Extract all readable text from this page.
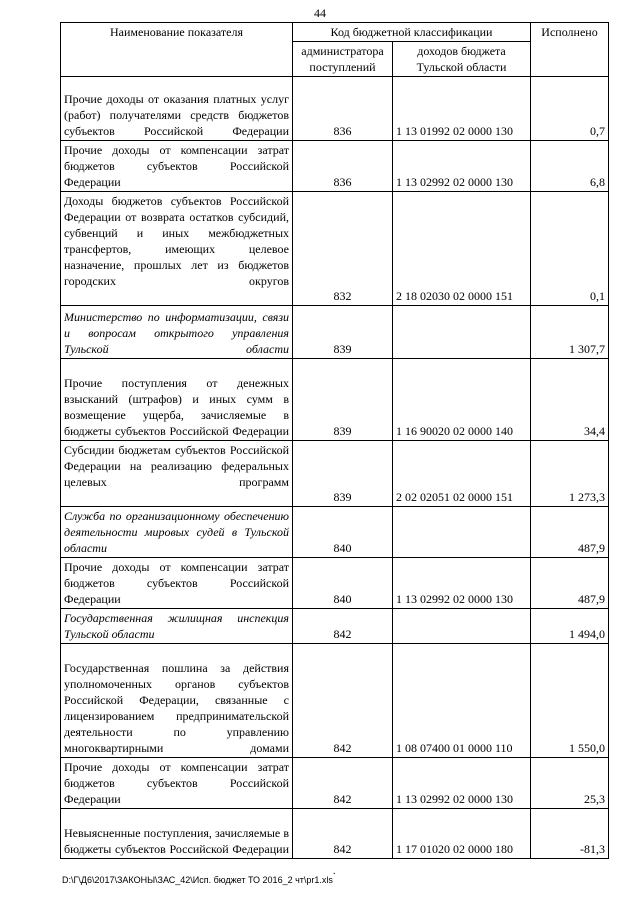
44
Наименование показателя	Код бюджетной классификации		Исполнено
	администратора поступлений	доходов бюджета Тульской области	
Прочие доходы от оказания платных услуг (работ) получателями средств бюджетов субъектов Российской Федерации	836	1 13 01992 02 0000 130	0,7
Прочие доходы от компенсации затрат бюджетов субъектов Российской Федерации	836	1 13 02992 02 0000 130	6,8
Доходы бюджетов субъектов Российской Федерации от возврата остатков субсидий, субвенций и иных межбюджетных трансфертов, имеющих целевое назначение, прошлых лет из бюджетов городских округов	832	2 18 02030 02 0000 151	0,1
Министерство по информатизации, связи и вопросам открытого управления Тульской области	839		1 307,7
Прочие поступления от денежных взысканий (штрафов) и иных сумм в возмещение ущерба, зачисляемые в бюджеты субъектов Российской Федерации	839	1 16 90020 02 0000 140	34,4
Субсидии бюджетам субъектов Российской Федерации на реализацию федеральных целевых программ	839	2 02 02051 02 0000 151	1 273,3
Служба по организационному обеспечению деятельности мировых судей в Тульской области	840		487,9
Прочие доходы от компенсации затрат бюджетов субъектов Российской Федерации	840	1 13 02992 02 0000 130	487,9
Государственная жилищная инспекция Тульской области	842		1 494,0
Государственная пошлина за действия уполномоченных органов субъектов Российской Федерации, связанные с лицензированием предпринимательской деятельности по управлению многоквартирными домами	842	1 08 07400 01 0000 110	1 550,0
Прочие доходы от компенсации затрат бюджетов субъектов Российской Федерации	842	1 13 02992 02 0000 130	25,3
Невыясненные поступления, зачисляемые в бюджеты субъектов Российской Федерации	842	1 17 01020 02 0000 180	-81,3
.
D:\Г\Д6\2017\ЗАКОНЫ\ЗАС_42\Исп. бюджет ТО 2016_2 чт\pr1.xls
